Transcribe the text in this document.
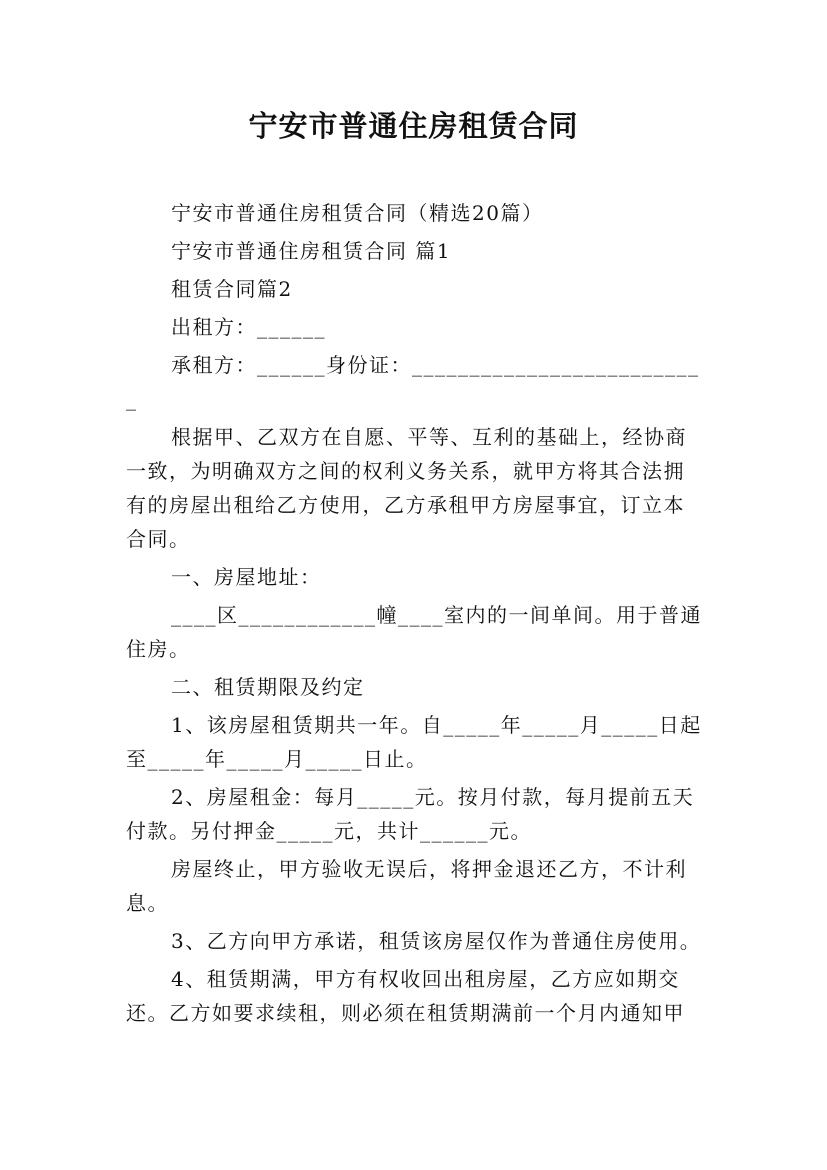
宁安市普通住房租赁合同

宁安市普通住房租赁合同（精选20篇）

宁安市普通住房租赁合同 篇1

租赁合同篇2

出租方：______

承租方：______身份证：__________________________

根据甲、乙双方在自愿、平等、互利的基础上，经协商一致，为明确双方之间的权利义务关系，就甲方将其合法拥有的房屋出租给乙方使用，乙方承租甲方房屋事宜，订立本合同。

一、房屋地址：

____区____________幢____室内的一间单间。用于普通住房。

二、租赁期限及约定

1、该房屋租赁期共一年。自_____年_____月_____日起至_____年_____月_____日止。

2、房屋租金：每月_____元。按月付款，每月提前五天付款。另付押金_____元，共计______元。

房屋终止，甲方验收无误后，将押金退还乙方，不计利息。

3、乙方向甲方承诺，租赁该房屋仅作为普通住房使用。

4、租赁期满，甲方有权收回出租房屋，乙方应如期交还。乙方如要求续租，则必须在租赁期满前一个月内通知甲
